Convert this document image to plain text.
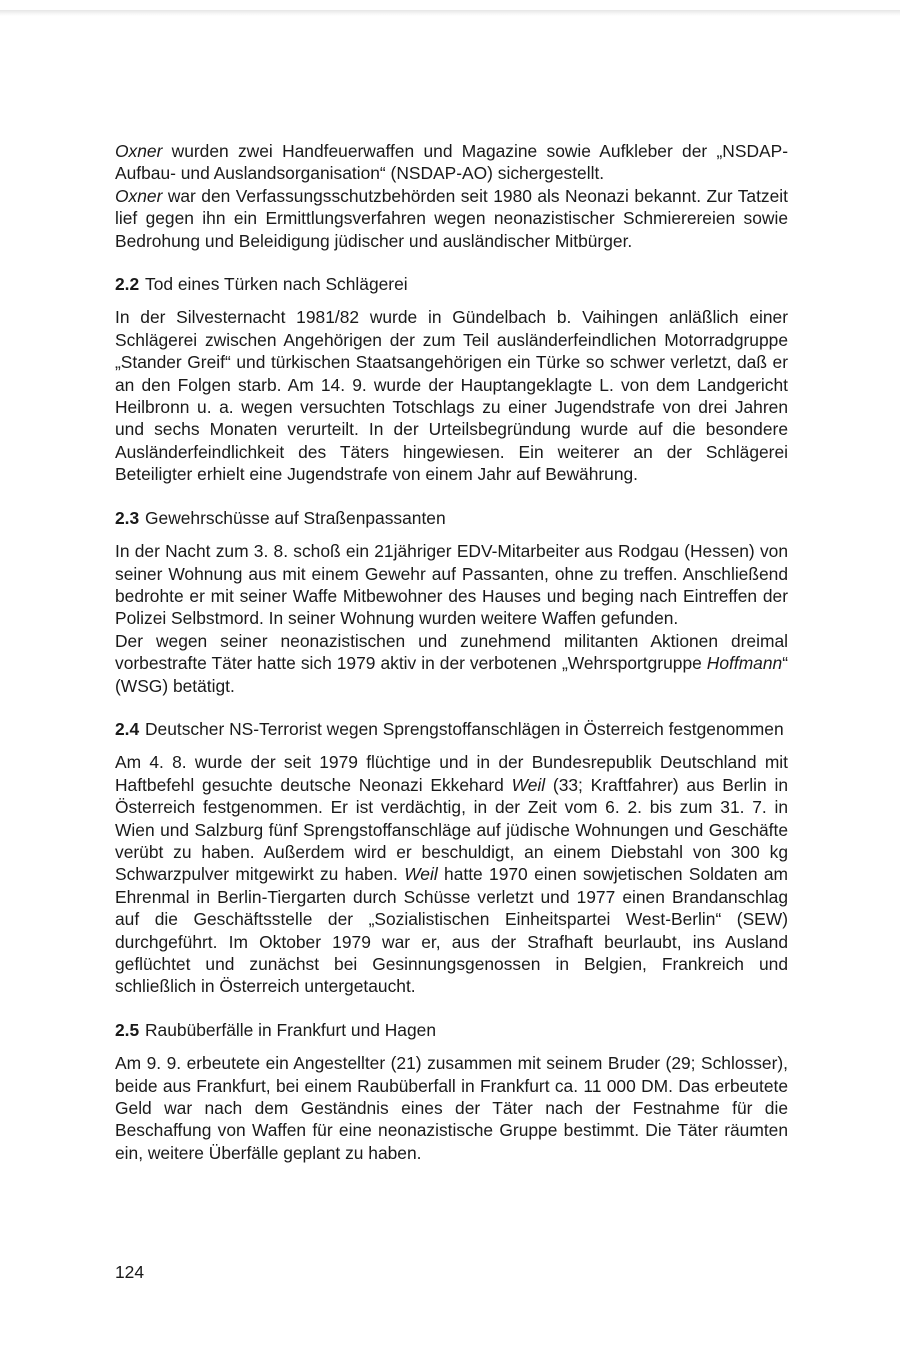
Oxner wurden zwei Handfeuerwaffen und Magazine sowie Aufkleber der „NSDAP-Aufbau- und Auslandsorganisation“ (NSDAP-AO) sichergestellt.

Oxner war den Verfassungsschutzbehörden seit 1980 als Neonazi bekannt. Zur Tatzeit lief gegen ihn ein Ermittlungsverfahren wegen neonazistischer Schmierereien sowie Bedrohung und Beleidigung jüdischer und ausländischer Mitbürger.

2.2 Tod eines Türken nach Schlägerei

In der Silvesternacht 1981/82 wurde in Gündelbach b. Vaihingen anläßlich einer Schlägerei zwischen Angehörigen der zum Teil ausländerfeindlichen Motorradgruppe „Stander Greif“ und türkischen Staatsangehörigen ein Türke so schwer verletzt, daß er an den Folgen starb. Am 14. 9. wurde der Hauptangeklagte L. von dem Landgericht Heilbronn u. a. wegen versuchten Totschlags zu einer Jugendstrafe von drei Jahren und sechs Monaten verurteilt. In der Urteilsbegründung wurde auf die besondere Ausländerfeindlichkeit des Täters hingewiesen. Ein weiterer an der Schlägerei Beteiligter erhielt eine Jugendstrafe von einem Jahr auf Bewährung.

2.3 Gewehrschüsse auf Straßenpassanten

In der Nacht zum 3. 8. schoß ein 21jähriger EDV-Mitarbeiter aus Rodgau (Hessen) von seiner Wohnung aus mit einem Gewehr auf Passanten, ohne zu treffen. Anschließend bedrohte er mit seiner Waffe Mitbewohner des Hauses und beging nach Eintreffen der Polizei Selbstmord. In seiner Wohnung wurden weitere Waffen gefunden.

Der wegen seiner neonazistischen und zunehmend militanten Aktionen dreimal vorbestrafte Täter hatte sich 1979 aktiv in der verbotenen „Wehrsportgruppe Hoffmann“ (WSG) betätigt.

2.4 Deutscher NS-Terrorist wegen Sprengstoffanschlägen in Österreich festgenommen

Am 4. 8. wurde der seit 1979 flüchtige und in der Bundesrepublik Deutschland mit Haftbefehl gesuchte deutsche Neonazi Ekkehard Weil (33; Kraftfahrer) aus Berlin in Österreich festgenommen. Er ist verdächtig, in der Zeit vom 6. 2. bis zum 31. 7. in Wien und Salzburg fünf Sprengstoffanschläge auf jüdische Wohnungen und Geschäfte verübt zu haben. Außerdem wird er beschuldigt, an einem Diebstahl von 300 kg Schwarzpulver mitgewirkt zu haben. Weil hatte 1970 einen sowjetischen Soldaten am Ehrenmal in Berlin-Tiergarten durch Schüsse verletzt und 1977 einen Brandanschlag auf die Geschäftsstelle der „Sozialistischen Einheitspartei West-Berlin“ (SEW) durchgeführt. Im Oktober 1979 war er, aus der Strafhaft beurlaubt, ins Ausland geflüchtet und zunächst bei Gesinnungsgenossen in Belgien, Frankreich und schließlich in Österreich untergetaucht.

2.5 Raubüberfälle in Frankfurt und Hagen

Am 9. 9. erbeutete ein Angestellter (21) zusammen mit seinem Bruder (29; Schlosser), beide aus Frankfurt, bei einem Raubüberfall in Frankfurt ca. 11 000 DM. Das erbeutete Geld war nach dem Geständnis eines der Täter nach der Festnahme für die Beschaffung von Waffen für eine neonazistische Gruppe bestimmt. Die Täter räumten ein, weitere Überfälle geplant zu haben.

124
